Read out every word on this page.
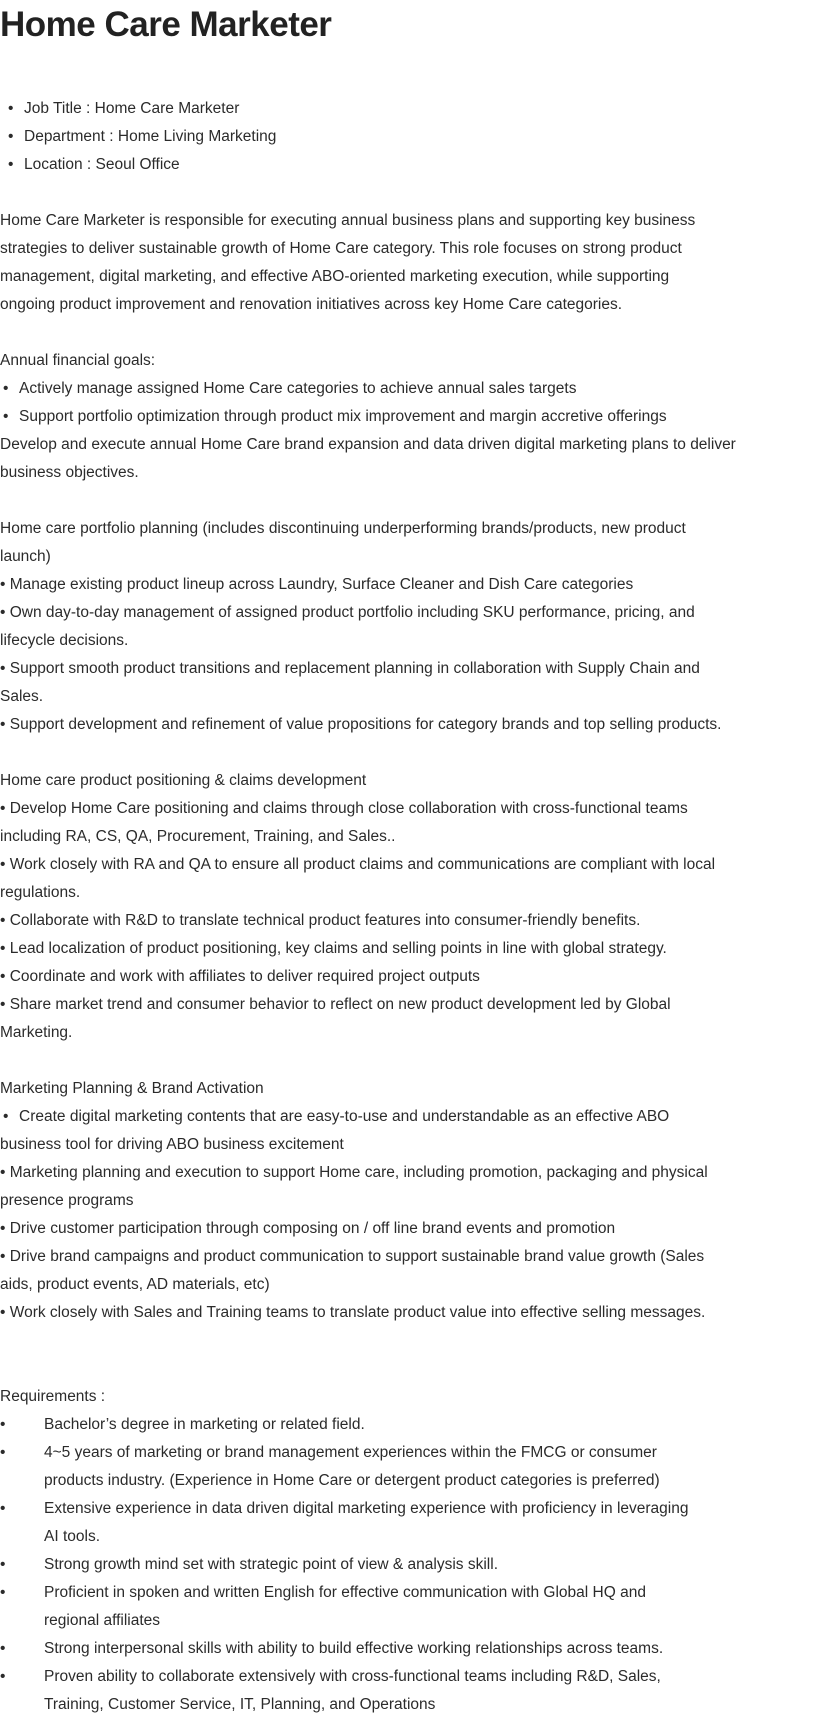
Home Care Marketer

• Job Title : Home Care Marketer

• Department : Home Living Marketing

• Location : Seoul Office

Home Care Marketer is responsible for executing annual business plans and supporting key business

strategies to deliver sustainable growth of Home Care category. This role focuses on strong product

management, digital marketing, and effective ABO-oriented marketing execution, while supporting

ongoing product improvement and renovation initiatives across key Home Care categories.

Annual financial goals:

• Actively manage assigned Home Care categories to achieve annual sales targets

• Support portfolio optimization through product mix improvement and margin accretive offerings

Develop and execute annual Home Care brand expansion and data driven digital marketing plans to deliver

business objectives.

Home care portfolio planning (includes discontinuing underperforming brands/products, new product

launch)

• Manage existing product lineup across Laundry, Surface Cleaner and Dish Care categories

• Own day-to-day management of assigned product portfolio including SKU performance, pricing, and

lifecycle decisions.

• Support smooth product transitions and replacement planning in collaboration with Supply Chain and

Sales.

• Support development and refinement of value propositions for category brands and top selling products.

Home care product positioning & claims development

• Develop Home Care positioning and claims through close collaboration with cross-functional teams

including RA, CS, QA, Procurement, Training, and Sales..

• Work closely with RA and QA to ensure all product claims and communications are compliant with local

regulations.

• Collaborate with R&D to translate technical product features into consumer-friendly benefits.

• Lead localization of product positioning, key claims and selling points in line with global strategy.

• Coordinate and work with affiliates to deliver required project outputs

• Share market trend and consumer behavior to reflect on new product development led by Global

Marketing.

Marketing Planning & Brand Activation

• Create digital marketing contents that are easy-to-use and understandable as an effective ABO

business tool for driving ABO business excitement

• Marketing planning and execution to support Home care, including promotion, packaging and physical

presence programs

• Drive customer participation through composing on / off line brand events and promotion

• Drive brand campaigns and product communication to support sustainable brand value growth (Sales

aids, product events, AD materials, etc)

• Work closely with Sales and Training teams to translate product value into effective selling messages.

Requirements :

• Bachelor’s degree in marketing or related field.

• 4~5 years of marketing or brand management experiences within the FMCG or consumer

products industry. (Experience in Home Care or detergent product categories is preferred)

• Extensive experience in data driven digital marketing experience with proficiency in leveraging

AI tools.

• Strong growth mind set with strategic point of view & analysis skill.

• Proficient in spoken and written English for effective communication with Global HQ and

regional affiliates

• Strong interpersonal skills with ability to build effective working relationships across teams.

• Proven ability to collaborate extensively with cross-functional teams including R&D, Sales,

Training, Customer Service, IT, Planning, and Operations
